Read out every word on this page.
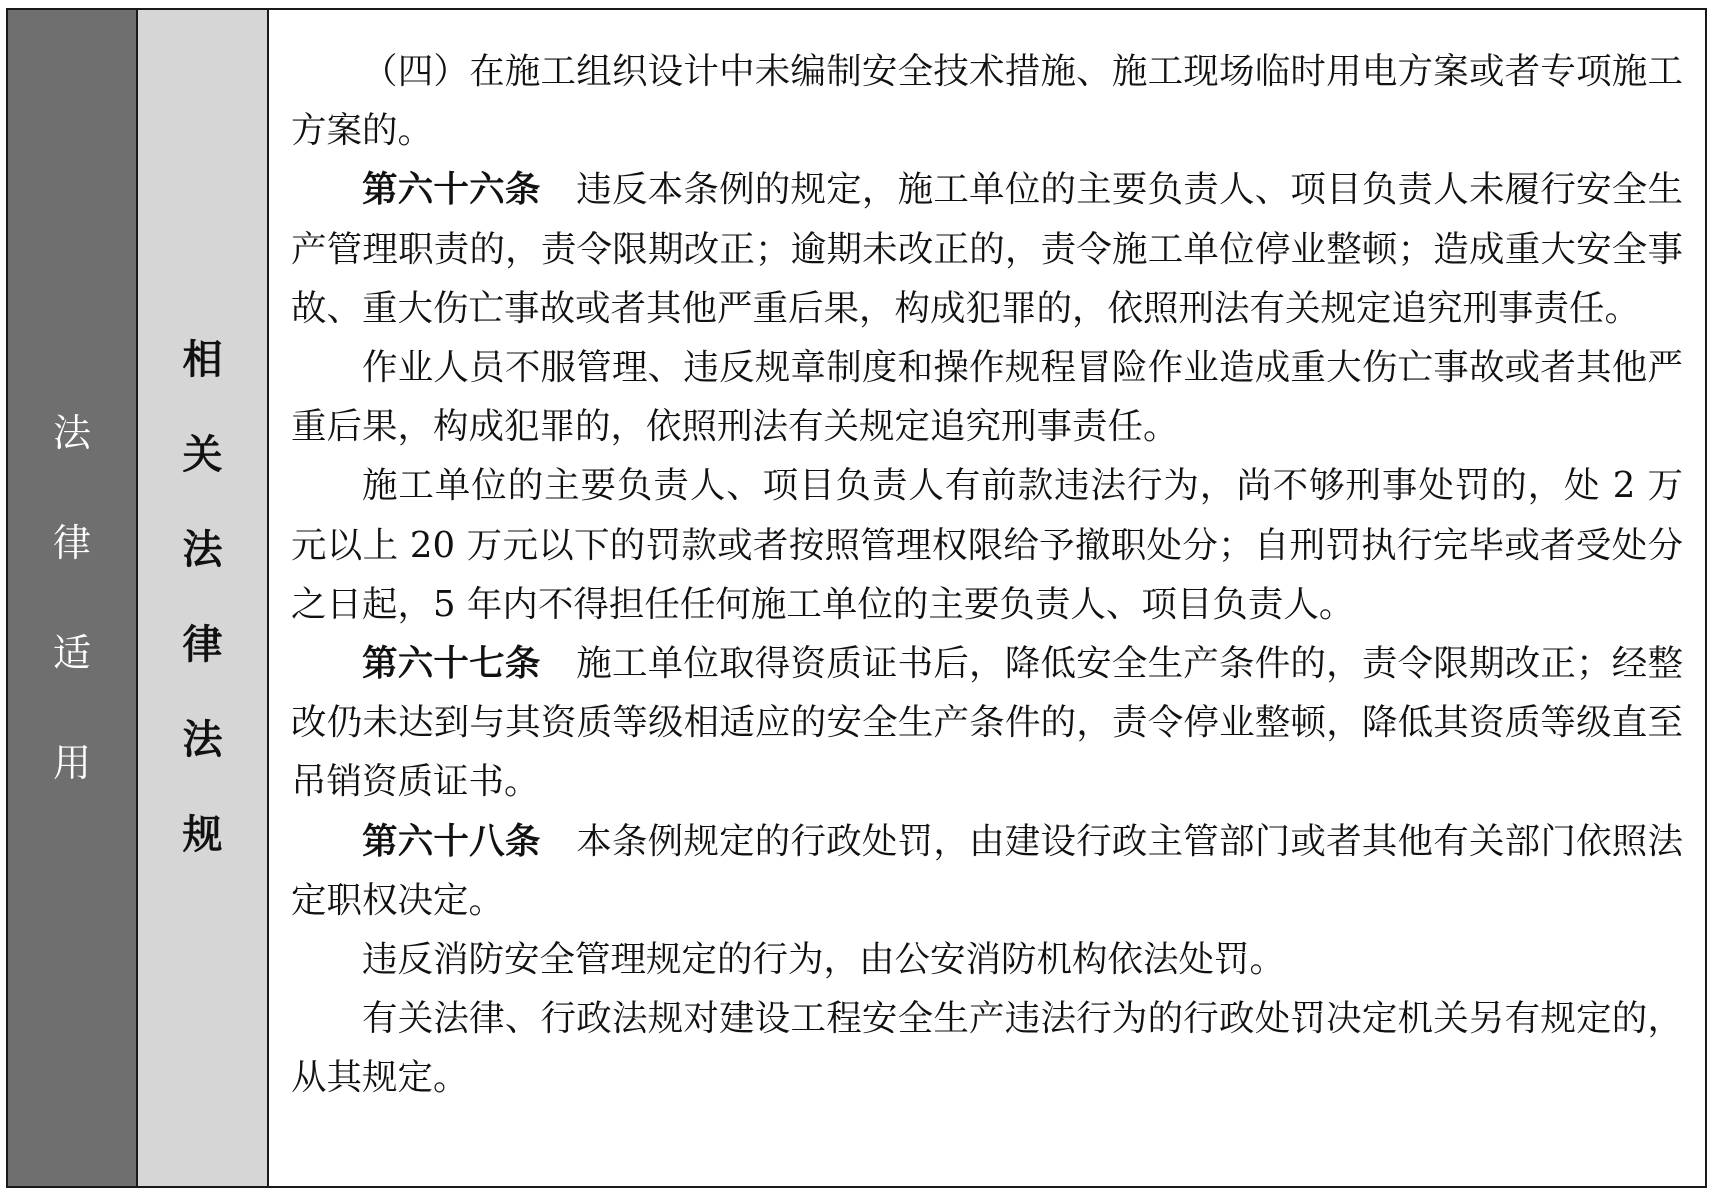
法
律
适
用
相
关
法
律
法
规

（四）在施工组织设计中未编制安全技术措施、施工现场临时用电方案或者专项施工方案的。

第六十六条　 违反本条例的规定，施工单位的主要负责人、项目负责人未履行安全生产管理职责的，责令限期改正；逾期未改正的，责令施工单位停业整顿；造成重大安全事故、重大伤亡事故或者其他严重后果，构成犯罪的，依照刑法有关规定追究刑事责任。

作业人员不服管理、违反规章制度和操作规程冒险作业造成重大伤亡事故或者其他严重后果，构成犯罪的，依照刑法有关规定追究刑事责任。

施工单位的主要负责人、项目负责人有前款违法行为，尚不够刑事处罚的，处 2 万元以上 20 万元以下的罚款或者按照管理权限给予撤职处分；自刑罚执行完毕或者受处分之日起，5 年内不得担任任何施工单位的主要负责人、项目负责人。

第六十七条　 施工单位取得资质证书后，降低安全生产条件的，责令限期改正；经整改仍未达到与其资质等级相适应的安全生产条件的，责令停业整顿，降低其资质等级直至吊销资质证书。

第六十八条　 本条例规定的行政处罚，由建设行政主管部门或者其他有关部门依照法定职权决定。

违反消防安全管理规定的行为，由公安消防机构依法处罚。

有关法律、行政法规对建设工程安全生产违法行为的行政处罚决定机关另有规定的，从其规定。
